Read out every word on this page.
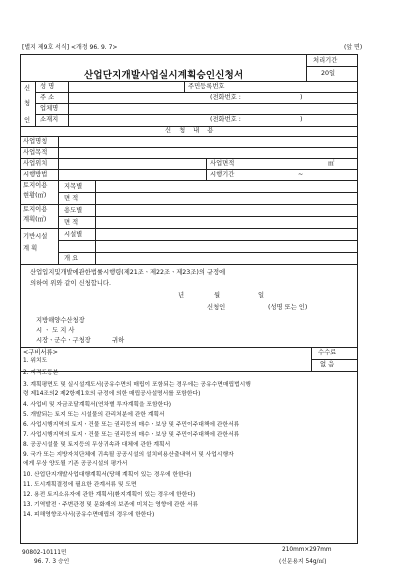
[별지 제9호 서식] <개정 96. 9. 7>	(앞 면)
산업단지개발사업실시계획승인신청서
처리기간
20일
신
청
인
성 명	주민등록번호
주 소	(전화번호 :	)
업체명
소재지	(전화번호 :	)
신 청 내 용
사업명칭
사업목적
사업위치	사업면적	㎡
시행방법	시행기간	~
토지이용
현황(㎡)
지목별
면 적
토지이용
계획(㎡)
용도별
면 적
기반시설
계 획
시설별
개 요
산업입지및개발에관한법률시행령(제21조ㆍ제22조ㆍ제23조)의 규정에
의하여 위와 같이 신청합니다.
년	월	일
신청인	(성명 또는 인)
지방해양수산청장
시 ㆍ 도 지 사
시장ㆍ군수ㆍ구청장	귀하
<구비서류>	수수료
없 음
1. 위치도
2. 지적도등본
3. 계획평면도 및 실시설계도서(공유수면의 매립이 포함되는 경우에는 공유수면매립법시행
령 제14조의2 제2항제1호의 규정에 의한 매립공사설명서를 포함한다)
4. 사업비 및 자금조달계획서(연차별 투자계획을 포함한다)
5. 개발되는 토지 또는 시설물의 관리처분에 관한 계획서
6. 사업시행지역의 토지ㆍ건물 또는 권리등의 매수ㆍ보상 및 주민이주대책에 관한서류
7. 사업시행지역의 토지ㆍ건물 또는 권리등의 매수ㆍ보상 및 주민이주대책에 관한서류
8. 공공시설물 및 토지등의 무상귀속과 대체에 관한 계획서
9. 국가 또는 지방자치단체에 귀속될 공공시설의 설치비용산출내역서 및 사업시행자
에게 무상 양도될 기존 공공시설의 평가서
10. 산업단지개발사업대행계획서(당해 계획이 있는 경우에 한한다)
11. 도시계획결정에 필요한 관계서류 및 도면
12. 용전 토지소유자에 관한 계획서(환지계획이 있는 경우에 한한다)
13. 기역발전ㆍ주변관경 및 문화재의 보존에 미치는 영향에 관한 서류
14. 피해영향조사서(공유수면매립의 경우에 한한다)
90802-10111민
96. 7. 3 승인
210mm×297mm
(신문용지 54g/㎡)
